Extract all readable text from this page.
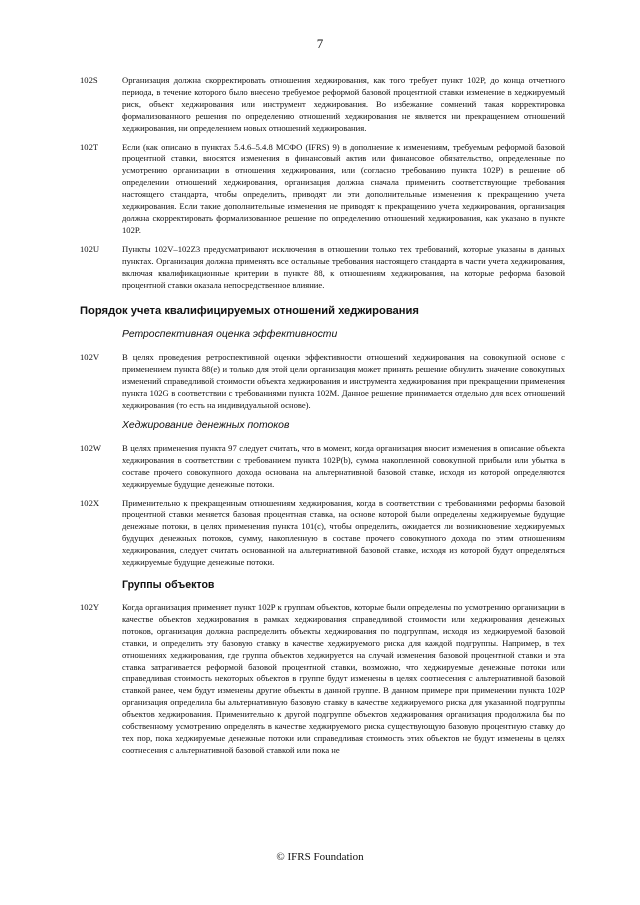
7
102S	Организация должна скорректировать отношения хеджирования, как того требует пункт 102P, до конца отчетного периода, в течение которого было внесено требуемое реформой базовой процентной ставки изменение в хеджируемый риск, объект хеджирования или инструмент хеджирования. Во избежание сомнений такая корректировка формализованного решения по определению отношений хеджирования не является ни прекращением отношений хеджирования, ни определением новых отношений хеджирования.
102T	Если (как описано в пунктах 5.4.6–5.4.8 МСФО (IFRS) 9) в дополнение к изменениям, требуемым реформой базовой процентной ставки, вносятся изменения в финансовый актив или финансовое обязательство, определенные по усмотрению организации в отношения хеджирования, или (согласно требованию пункта 102P) в решение об определении отношений хеджирования, организация должна сначала применить соответствующие требования настоящего стандарта, чтобы определить, приводят ли эти дополнительные изменения к прекращению учета хеджирования. Если такие дополнительные изменения не приводят к прекращению учета хеджирования, организация должна скорректировать формализованное решение по определению отношений хеджирования, как указано в пункте 102P.
102U	Пункты 102V–102Z3 предусматривают исключения в отношении только тех требований, которые указаны в данных пунктах. Организация должна применять все остальные требования настоящего стандарта в части учета хеджирования, включая квалификационные критерии в пункте 88, к отношениям хеджирования, на которые реформа базовой процентной ставки оказала непосредственное влияние.
Порядок учета квалифицируемых отношений хеджирования
Ретроспективная оценка эффективности
102V	В целях проведения ретроспективной оценки эффективности отношений хеджирования на совокупной основе с применением пункта 88(e) и только для этой цели организация может принять решение обнулить значение совокупных изменений справедливой стоимости объекта хеджирования и инструмента хеджирования при прекращении применения пункта 102G в соответствии с требованиями пункта 102M. Данное решение принимается отдельно для всех отношений хеджирования (то есть на индивидуальной основе).
Хеджирование денежных потоков
102W	В целях применения пункта 97 следует считать, что в момент, когда организация вносит изменения в описание объекта хеджирования в соответствии с требованием пункта 102P(b), сумма накопленной совокупной прибыли или убытка в составе прочего совокупного дохода основана на альтернативной базовой ставке, исходя из которой определяются хеджируемые будущие денежные потоки.
102X	Применительно к прекращенным отношениям хеджирования, когда в соответствии с требованиями реформы базовой процентной ставки меняется базовая процентная ставка, на основе которой были определены хеджируемые будущие денежные потоки, в целях применения пункта 101(c), чтобы определить, ожидается ли возникновение хеджируемых будущих денежных потоков, сумму, накопленную в составе прочего совокупного дохода по этим отношениям хеджирования, следует считать основанной на альтернативной базовой ставке, исходя из которой будут определяться хеджируемые будущие денежные потоки.
Группы объектов
102Y	Когда организация применяет пункт 102P к группам объектов, которые были определены по усмотрению организации в качестве объектов хеджирования в рамках хеджирования справедливой стоимости или хеджирования денежных потоков, организация должна распределить объекты хеджирования по подгруппам, исходя из хеджируемой базовой ставки, и определить эту базовую ставку в качестве хеджируемого риска для каждой подгруппы. Например, в тех отношениях хеджирования, где группа объектов хеджируется на случай изменения базовой процентной ставки и эта ставка затрагивается реформой базовой процентной ставки, возможно, что хеджируемые денежные потоки или справедливая стоимость некоторых объектов в группе будут изменены в целях соотнесения с альтернативной базовой ставкой ранее, чем будут изменены другие объекты в данной группе. В данном примере при применении пункта 102P организация определила бы альтернативную базовую ставку в качестве хеджируемого риска для указанной подгруппы объектов хеджирования. Применительно к другой подгруппе объектов хеджирования организация продолжила бы по собственному усмотрению определять в качестве хеджируемого риска существующую базовую процентную ставку до тех пор, пока хеджируемые денежные потоки или справедливая стоимость этих объектов не будут изменены в целях соотнесения с альтернативной базовой ставкой или пока не
© IFRS Foundation
